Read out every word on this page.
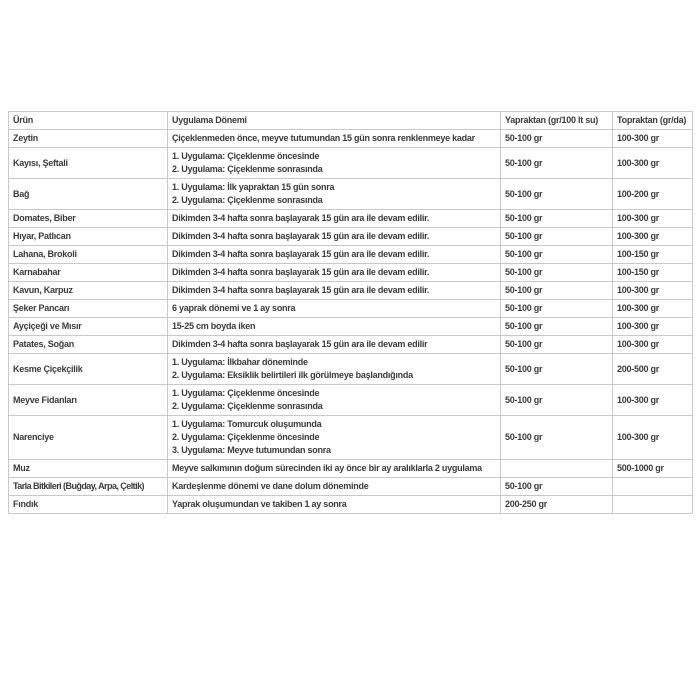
Ürün	Uygulama Dönemi	Yapraktan (gr/100 lt su)	Topraktan (gr/da)
Zeytin	Çiçeklenmeden önce, meyve tutumundan 15 gün sonra renklenmeye kadar	50-100 gr	100-300 gr
Kayısı, Şeftali	1. Uygulama: Çiçeklenme öncesinde
2. Uygulama: Çiçeklenme sonrasında	50-100 gr	100-300 gr
Bağ	1. Uygulama: İlk yapraktan 15 gün sonra
2. Uygulama: Çiçeklenme sonrasında	50-100 gr	100-200 gr
Domates, Biber	Dikimden 3-4 hafta sonra başlayarak 15 gün ara ile devam edilir.	50-100 gr	100-300 gr
Hıyar, Patlıcan	Dikimden 3-4 hafta sonra başlayarak 15 gün ara ile devam edilir.	50-100 gr	100-300 gr
Lahana, Brokoli	Dikimden 3-4 hafta sonra başlayarak 15 gün ara ile devam edilir.	50-100 gr	100-150 gr
Karnabahar	Dikimden 3-4 hafta sonra başlayarak 15 gün ara ile devam edilir.	50-100 gr	100-150 gr
Kavun, Karpuz	Dikimden 3-4 hafta sonra başlayarak 15 gün ara ile devam edilir.	50-100 gr	100-300 gr
Şeker Pancarı	6 yaprak dönemi ve 1 ay sonra	50-100 gr	100-300 gr
Ayçiçeği ve Mısır	15-25 cm boyda iken	50-100 gr	100-300 gr
Patates, Soğan	Dikimden 3-4 hafta sonra başlayarak 15 gün ara ile devam edilir	50-100 gr	100-300 gr
Kesme Çiçekçilik	1. Uygulama: İlkbahar döneminde
2. Uygulama: Eksiklik belirtileri ilk görülmeye başlandığında	50-100 gr	200-500 gr
Meyve Fidanları	1. Uygulama: Çiçeklenme öncesinde
2. Uygulama: Çiçeklenme sonrasında	50-100 gr	100-300 gr
Narenciye	1. Uygulama: Tomurcuk oluşumunda
2. Uygulama: Çiçeklenme öncesinde
3. Uygulama: Meyve tutumundan sonra	50-100 gr	100-300 gr
Muz	Meyve salkımının doğum sürecinden iki ay önce bir ay aralıklarla 2 uygulama		500-1000 gr
Tarla Bitkileri (Buğday, Arpa, Çeltik)	Kardeşlenme dönemi ve dane dolum döneminde	50-100 gr	
Fındık	Yaprak oluşumundan ve takiben 1 ay sonra	200-250 gr	
